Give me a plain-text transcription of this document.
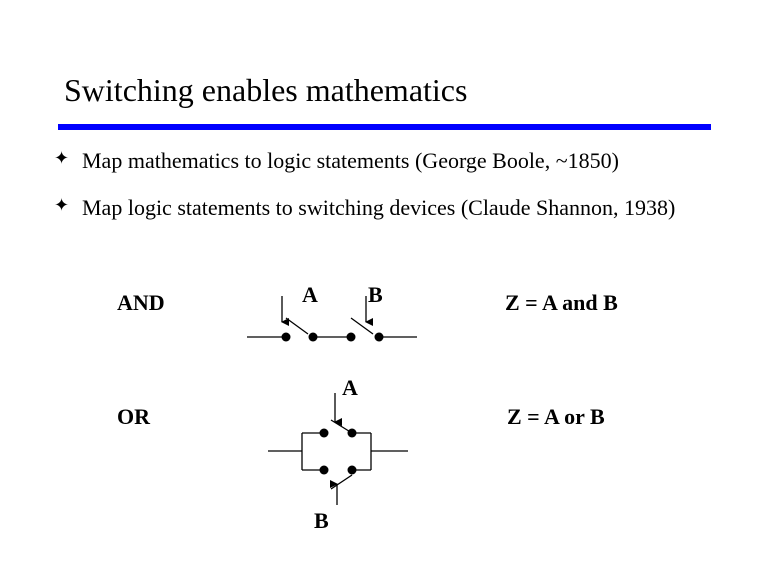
Switching enables mathematics
✦ Map mathematics to logic statements (George Boole, ~1850)
✦ Map logic statements to switching devices (Claude Shannon, 1938)
AND	Z = A and B
OR	Z = A or B
A B
A
B
